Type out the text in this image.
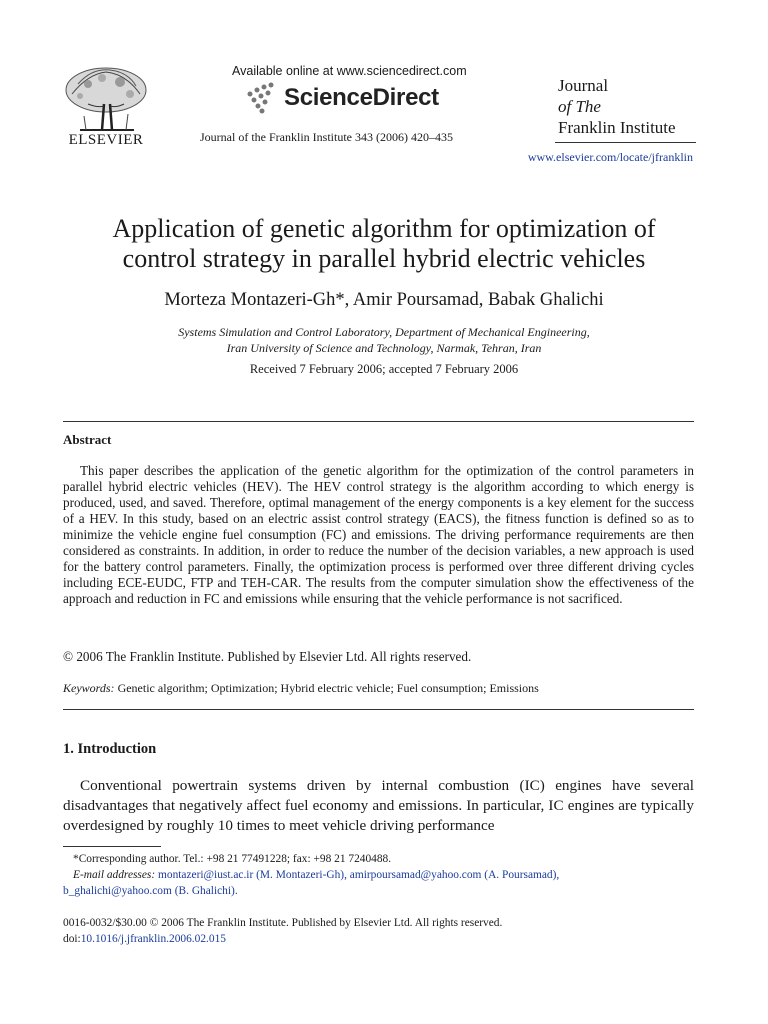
ELSEVIER
Available online at www.sciencedirect.com
ScienceDirect
Journal of the Franklin Institute 343 (2006) 420–435
Journal
of The
Franklin Institute
www.elsevier.com/locate/jfranklin
Application of genetic algorithm for optimization of
control strategy in parallel hybrid electric vehicles
Morteza Montazeri-Gh*, Amir Poursamad, Babak Ghalichi
Systems Simulation and Control Laboratory, Department of Mechanical Engineering,
Iran University of Science and Technology, Narmak, Tehran, Iran
Received 7 February 2006; accepted 7 February 2006
Abstract
This paper describes the application of the genetic algorithm for the optimization of the control parameters in parallel hybrid electric vehicles (HEV). The HEV control strategy is the algorithm according to which energy is produced, used, and saved. Therefore, optimal management of the energy components is a key element for the success of a HEV. In this study, based on an electric assist control strategy (EACS), the fitness function is defined so as to minimize the vehicle engine fuel consumption (FC) and emissions. The driving performance requirements are then considered as constraints. In addition, in order to reduce the number of the decision variables, a new approach is used for the battery control parameters. Finally, the optimization process is performed over three different driving cycles including ECE-EUDC, FTP and TEH-CAR. The results from the computer simulation show the effectiveness of the approach and reduction in FC and emissions while ensuring that the vehicle performance is not sacrificed.
© 2006 The Franklin Institute. Published by Elsevier Ltd. All rights reserved.
Keywords: Genetic algorithm; Optimization; Hybrid electric vehicle; Fuel consumption; Emissions
1. Introduction
Conventional powertrain systems driven by internal combustion (IC) engines have several disadvantages that negatively affect fuel economy and emissions. In particular, IC engines are typically overdesigned by roughly 10 times to meet vehicle driving performance
*Corresponding author. Tel.: +98 21 77491228; fax: +98 21 7240488.
E-mail addresses: montazeri@iust.ac.ir (M. Montazeri-Gh), amirpoursamad@yahoo.com (A. Poursamad),
b_ghalichi@yahoo.com (B. Ghalichi).
0016-0032/$30.00 © 2006 The Franklin Institute. Published by Elsevier Ltd. All rights reserved.
doi:10.1016/j.jfranklin.2006.02.015
